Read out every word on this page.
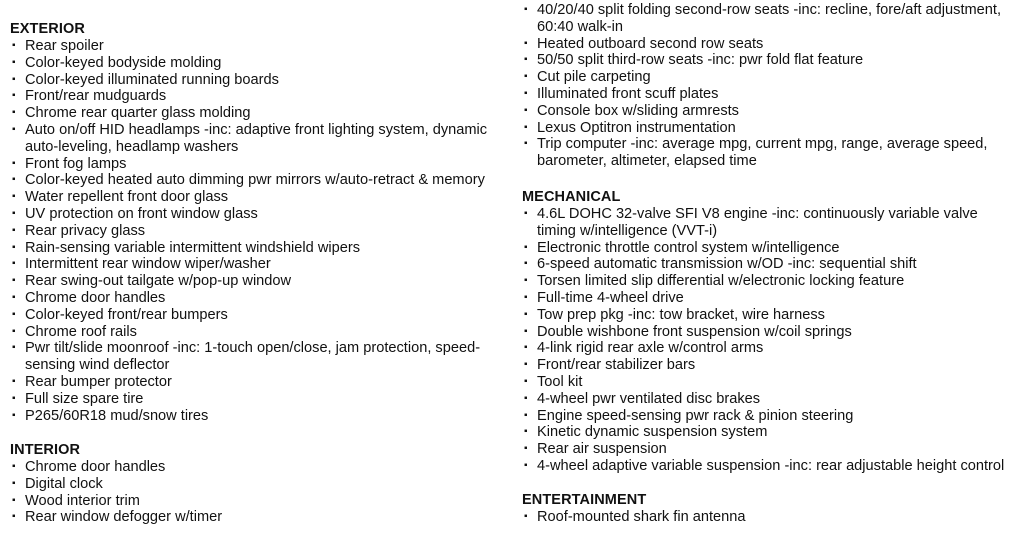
EXTERIOR
▪ Rear spoiler
▪ Color-keyed bodyside molding
▪ Color-keyed illuminated running boards
▪ Front/rear mudguards
▪ Chrome rear quarter glass molding
▪ Auto on/off HID headlamps -inc: adaptive front lighting system, dynamic
auto-leveling, headlamp washers
▪ Front fog lamps
▪ Color-keyed heated auto dimming pwr mirrors w/auto-retract & memory
▪ Water repellent front door glass
▪ UV protection on front window glass
▪ Rear privacy glass
▪ Rain-sensing variable intermittent windshield wipers
▪ Intermittent rear window wiper/washer
▪ Rear swing-out tailgate w/pop-up window
▪ Chrome door handles
▪ Color-keyed front/rear bumpers
▪ Chrome roof rails
▪ Pwr tilt/slide moonroof -inc: 1-touch open/close, jam protection, speed-
sensing wind deflector
▪ Rear bumper protector
▪ Full size spare tire
▪ P265/60R18 mud/snow tires
INTERIOR
▪ Chrome door handles
▪ Digital clock
▪ Wood interior trim
▪ Rear window defogger w/timer
▪ 40/20/40 split folding second-row seats -inc: recline, fore/aft adjustment,
60:40 walk-in
▪ Heated outboard second row seats
▪ 50/50 split third-row seats -inc: pwr fold flat feature
▪ Cut pile carpeting
▪ Illuminated front scuff plates
▪ Console box w/sliding armrests
▪ Lexus Optitron instrumentation
▪ Trip computer -inc: average mpg, current mpg, range, average speed,
barometer, altimeter, elapsed time
MECHANICAL
▪ 4.6L DOHC 32-valve SFI V8 engine -inc: continuously variable valve
timing w/intelligence (VVT-i)
▪ Electronic throttle control system w/intelligence
▪ 6-speed automatic transmission w/OD -inc: sequential shift
▪ Torsen limited slip differential w/electronic locking feature
▪ Full-time 4-wheel drive
▪ Tow prep pkg -inc: tow bracket, wire harness
▪ Double wishbone front suspension w/coil springs
▪ 4-link rigid rear axle w/control arms
▪ Front/rear stabilizer bars
▪ Tool kit
▪ 4-wheel pwr ventilated disc brakes
▪ Engine speed-sensing pwr rack & pinion steering
▪ Kinetic dynamic suspension system
▪ Rear air suspension
▪ 4-wheel adaptive variable suspension -inc: rear adjustable height control
ENTERTAINMENT
▪ Roof-mounted shark fin antenna
